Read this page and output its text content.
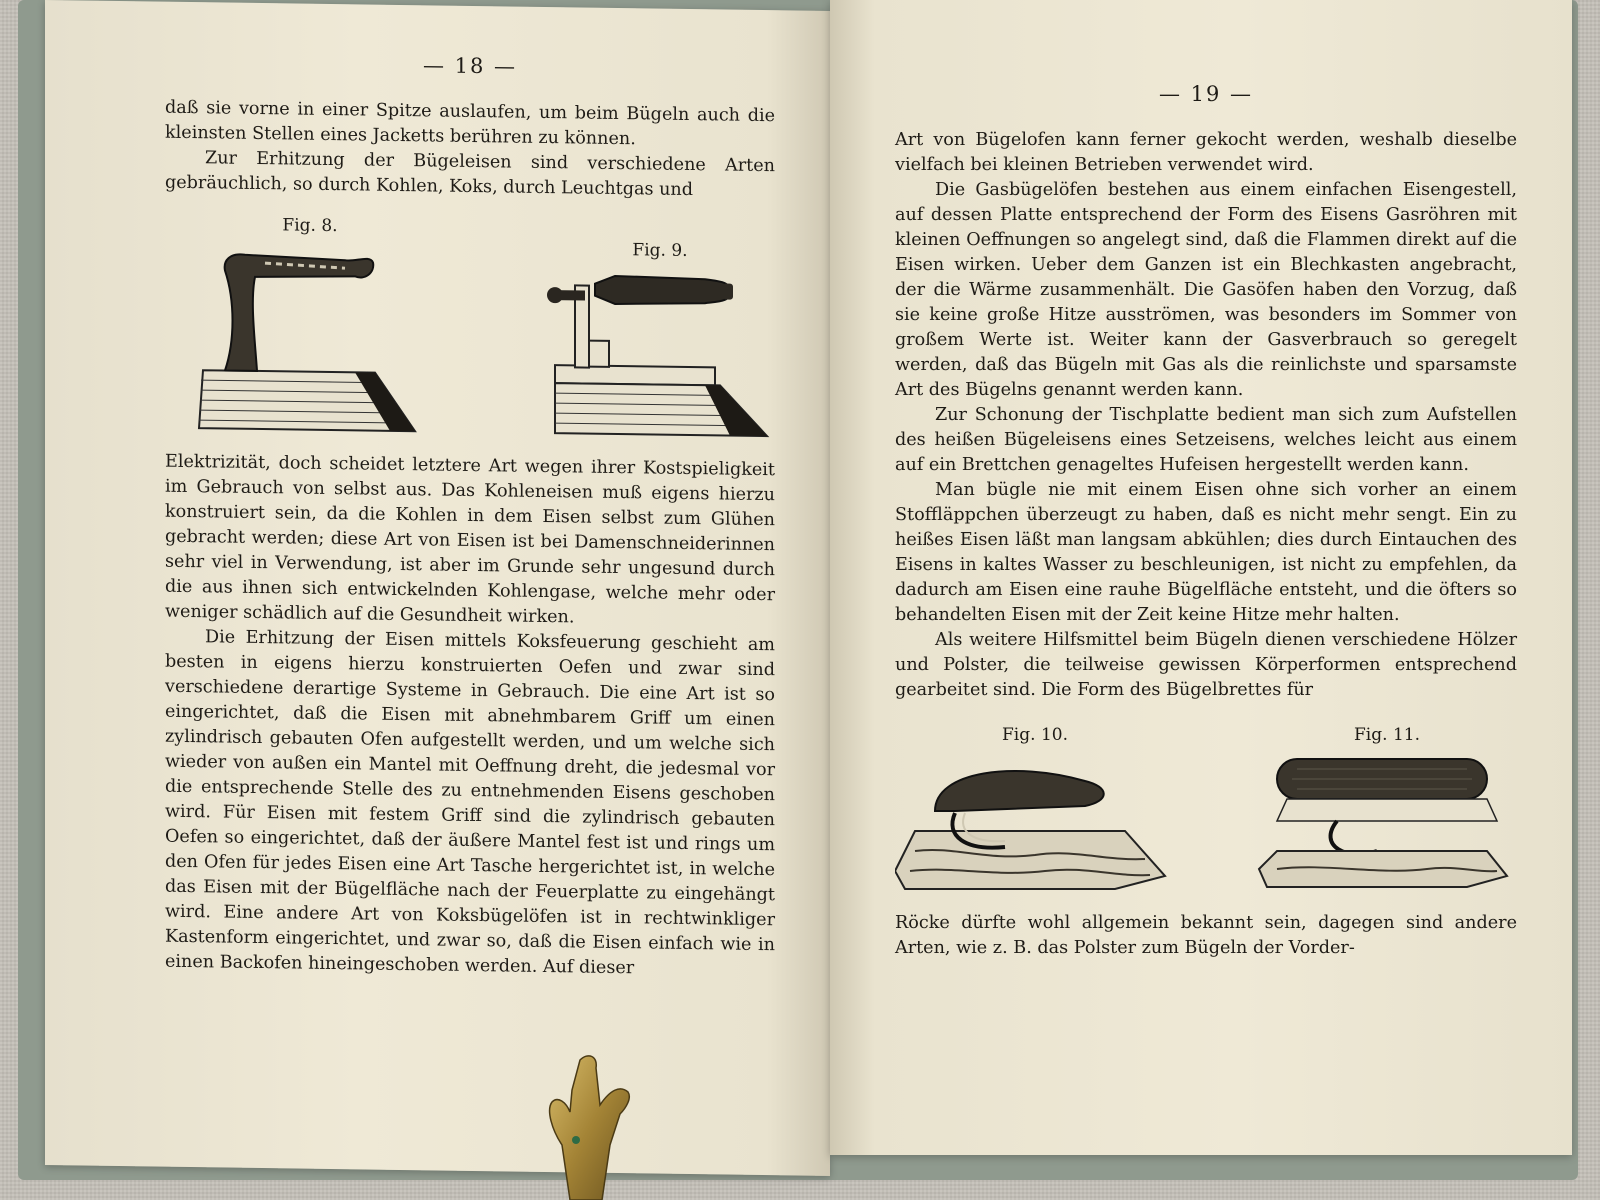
— 18 —

daß sie vorne in einer Spitze auslaufen, um beim Bügeln auch die kleinsten Stellen eines Jacketts berühren zu können.

Zur Erhitzung der Bügeleisen sind verschiedene Arten gebräuchlich, so durch Kohlen, Koks, durch Leuchtgas und

Fig. 8.
Fig. 9.

Elektrizität, doch scheidet letztere Art wegen ihrer Kostspieligkeit im Gebrauch von selbst aus. Das Kohleneisen muß eigens hierzu konstruiert sein, da die Kohlen in dem Eisen selbst zum Glühen gebracht werden; diese Art von Eisen ist bei Damenschneiderinnen sehr viel in Verwendung, ist aber im Grunde sehr ungesund durch die aus ihnen sich entwickelnden Kohlengase, welche mehr oder weniger schädlich auf die Gesundheit wirken.

Die Erhitzung der Eisen mittels Koksfeuerung geschieht am besten in eigens hierzu konstruierten Oefen und zwar sind verschiedene derartige Systeme in Gebrauch. Die eine Art ist so eingerichtet, daß die Eisen mit abnehmbarem Griff um einen zylindrisch gebauten Ofen aufgestellt werden, und um welche sich wieder von außen ein Mantel mit Oeffnung dreht, die jedesmal vor die entsprechende Stelle des zu entnehmenden Eisens geschoben wird. Für Eisen mit festem Griff sind die zylindrisch gebauten Oefen so eingerichtet, daß der äußere Mantel fest ist und rings um den Ofen für jedes Eisen eine Art Tasche hergerichtet ist, in welche das Eisen mit der Bügelfläche nach der Feuerplatte zu eingehängt wird. Eine andere Art von Koksbügelöfen ist in rechtwinkliger Kastenform eingerichtet, und zwar so, daß die Eisen einfach wie in einen Backofen hineingeschoben werden. Auf dieser

— 19 —

Art von Bügelofen kann ferner gekocht werden, weshalb dieselbe vielfach bei kleinen Betrieben verwendet wird.

Die Gasbügelöfen bestehen aus einem einfachen Eisengestell, auf dessen Platte entsprechend der Form des Eisens Gasröhren mit kleinen Oeffnungen so angelegt sind, daß die Flammen direkt auf die Eisen wirken. Ueber dem Ganzen ist ein Blechkasten angebracht, der die Wärme zusammenhält. Die Gasöfen haben den Vorzug, daß sie keine große Hitze ausströmen, was besonders im Sommer von großem Werte ist. Weiter kann der Gasverbrauch so geregelt werden, daß das Bügeln mit Gas als die reinlichste und sparsamste Art des Bügelns genannt werden kann.

Zur Schonung der Tischplatte bedient man sich zum Aufstellen des heißen Bügeleisens eines Setzeisens, welches leicht aus einem auf ein Brettchen genageltes Hufeisen hergestellt werden kann.

Man bügle nie mit einem Eisen ohne sich vorher an einem Stoffläppchen überzeugt zu haben, daß es nicht mehr sengt. Ein zu heißes Eisen läßt man langsam abkühlen; dies durch Eintauchen des Eisens in kaltes Wasser zu beschleunigen, ist nicht zu empfehlen, da dadurch am Eisen eine rauhe Bügelfläche entsteht, und die öfters so behandelten Eisen mit der Zeit keine Hitze mehr halten.

Als weitere Hilfsmittel beim Bügeln dienen verschiedene Hölzer und Polster, die teilweise gewissen Körperformen entsprechend gearbeitet sind. Die Form des Bügelbrettes für

Fig. 10.	Fig. 11.

Röcke dürfte wohl allgemein bekannt sein, dagegen sind andere Arten, wie z. B. das Polster zum Bügeln der Vorder-
